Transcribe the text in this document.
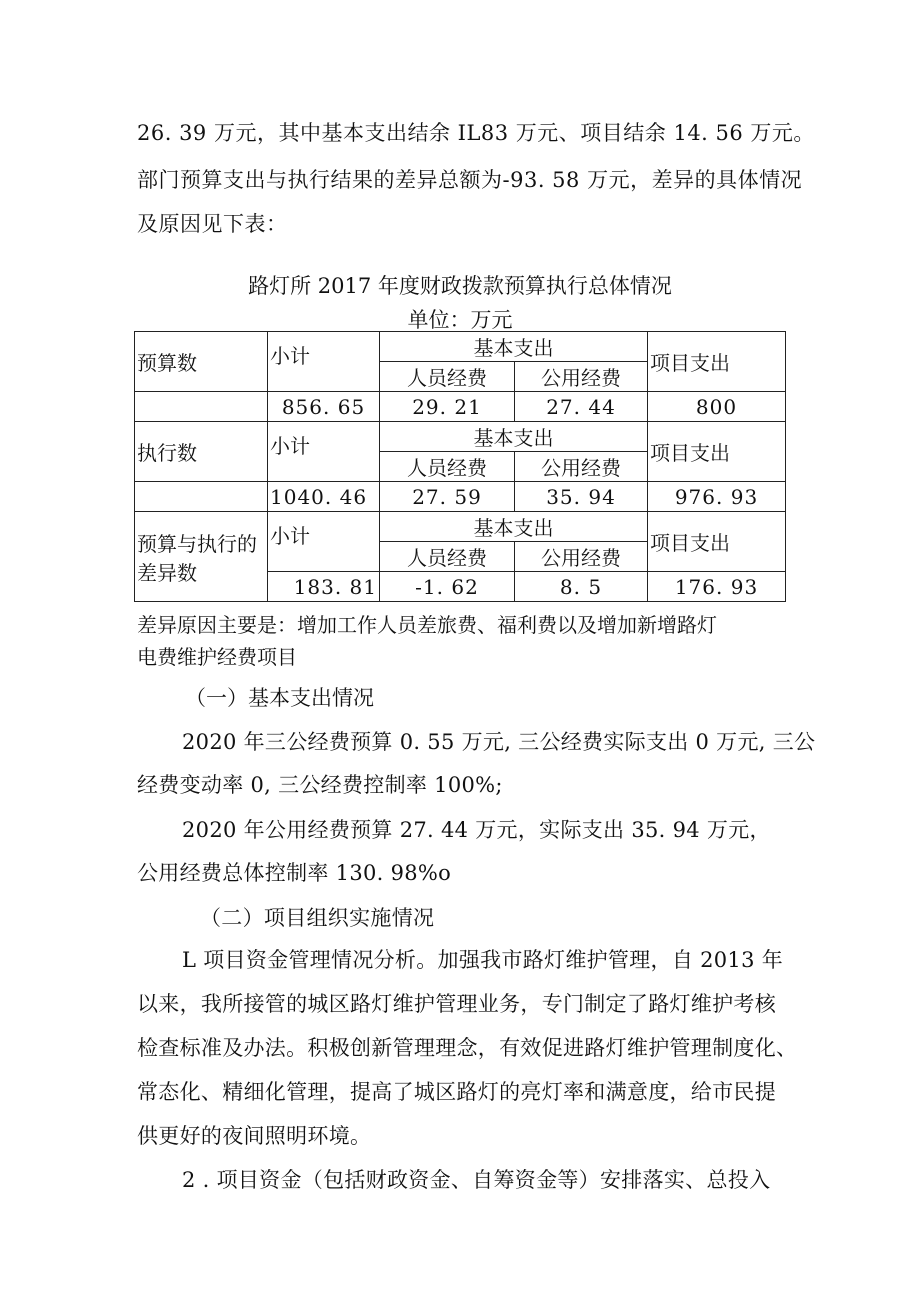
26. 39 万元，其中基本支出结余 IL83 万元、项目结余 14. 56 万元。
部门预算支出与执行结果的差异总额为-93. 58 万元，差异的具体情况
及原因见下表：
路灯所 2017 年度财政拨款预算执行总体情况
单位：万元
预算数	小计	基本支出		项目支出
		人员经费	公用经费	
	856. 65	29. 21	27. 44	800
执行数	小计	基本支出		项目支出
		人员经费	公用经费	
	1040. 46	27. 59	35. 94	976. 93
预算与执行的
差异数	小计	基本支出		项目支出
		人员经费	公用经费	
	183. 81	-1. 62	8. 5	176. 93
差异原因主要是：增加工作人员差旅费、福利费以及增加新增路灯
电费维护经费项目
（一）基本支出情况
2020 年三公经费预算 0. 55 万元, 三公经费实际支出 0 万元, 三公
经费变动率 0, 三公经费控制率 100%;
2020 年公用经费预算 27. 44 万元，实际支出 35. 94 万元，
公用经费总体控制率 130. 98%o
（二）项目组织实施情况
L 项目资金管理情况分析。加强我市路灯维护管理，自 2013 年
以来，我所接管的城区路灯维护管理业务，专门制定了路灯维护考核
检查标准及办法。积极创新管理理念，有效促进路灯维护管理制度化、
常态化、精细化管理，提高了城区路灯的亮灯率和满意度，给市民提
供更好的夜间照明环境。
2 . 项目资金（包括财政资金、自筹资金等）安排落实、总投入
